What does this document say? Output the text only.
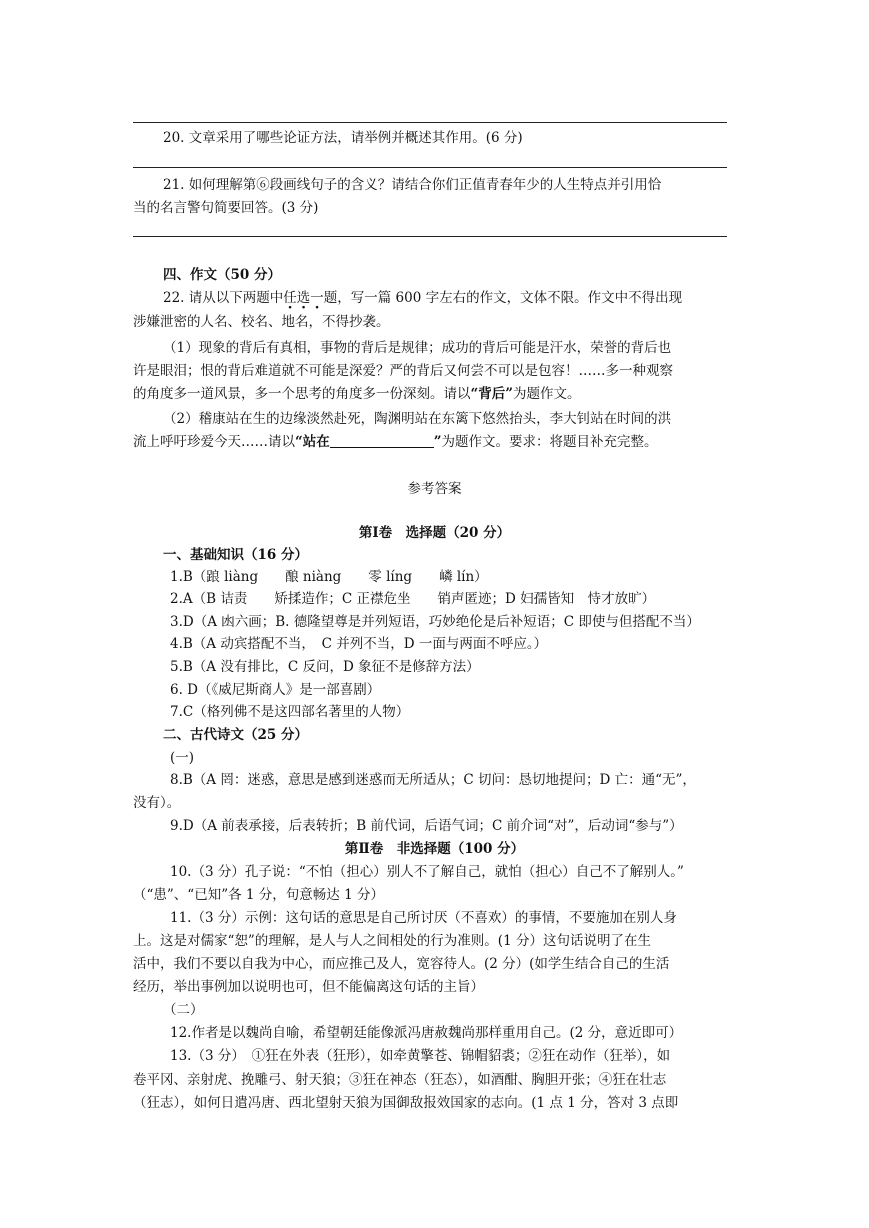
20. 文章采用了哪些论证方法，请举例并概述其作用。(6 分)
21. 如何理解第⑥段画线句子的含义？请结合你们正值青春年少的人生特点并引用恰
当的名言警句简要回答。(3 分)
四、作文（50 分）
22. 请从以下两题中任选一题，写一篇 600 字左右的作文，文体不限。作文中不得出现
涉嫌泄密的人名、校名、地名，不得抄袭。
（1）现象的背后有真相，事物的背后是规律；成功的背后可能是汗水，荣誉的背后也
许是眼泪；恨的背后难道就不可能是深爱？严的背后又何尝不可以是包容！……多一种观察
的角度多一道风景，多一个思考的角度多一份深刻。请以“背后”为题作文。
（2）稽康站在生的边缘淡然赴死，陶渊明站在东篱下悠然抬头，李大钊站在时间的洪
流上呼吁珍爱今天……请以“站在	”为题作文。要求：将题目补充完整。
参考答案
第Ⅰ卷　选择题（20 分）
一、基础知识（16 分）
1.B（踉 liàng　　酿 niàng　　零 líng　　嶙 lín）
2.A（B 诘责　　矫揉造作；C 正襟危坐　　销声匿迹；D 妇孺皆知　恃才放旷）
3.D（A 凼六画；B. 德隆望尊是并列短语，巧妙绝伦是后补短语；C 即使与但搭配不当）
4.B（A 动宾搭配不当，　C 并列不当，D 一面与两面不呼应。）
5.B（A 没有排比，C 反问，D 象征不是修辞方法）
6. D（《威尼斯商人》是一部喜剧）
7.C（格列佛不是这四部名著里的人物）
二、古代诗文（25 分）
(一)
8.B（A 罔：迷惑，意思是感到迷惑而无所适从；C 切问：恳切地提问；D 亡：通“无”，
没有）。
9.D（A 前表承接，后表转折；B 前代词，后语气词；C 前介词“对”，后动词“参与”）
第Ⅱ卷　非选择题（100 分）
10.（3 分）孔子说：“不怕（担心）别人不了解自己，就怕（担心）自己不了解别人。”
（“患”、“已知”各 1 分，句意畅达 1 分）
11.（3 分）示例：这句话的意思是自己所讨厌（不喜欢）的事情，不要施加在别人身
上。这是对儒家“恕”的理解，是人与人之间相处的行为准则。(1 分）这句话说明了在生
活中，我们不要以自我为中心，而应推己及人，宽容待人。(2 分）(如学生结合自己的生活
经历，举出事例加以说明也可，但不能偏离这句话的主旨）
（二）
12.作者是以魏尚自喻，希望朝廷能像派冯唐赦魏尚那样重用自己。(2 分，意近即可）
13.（3 分）　①狂在外表（狂形），如牵黄擎苍、锦帽貂裘；②狂在动作（狂举），如
卷平冈、亲射虎、挽雕弓、射天狼；③狂在神态（狂态），如酒酣、胸胆开张；④狂在壮志
（狂志），如何日遣冯唐、西北望射天狼为国御敌报效国家的志向。(1 点 1 分，答对 3 点即
